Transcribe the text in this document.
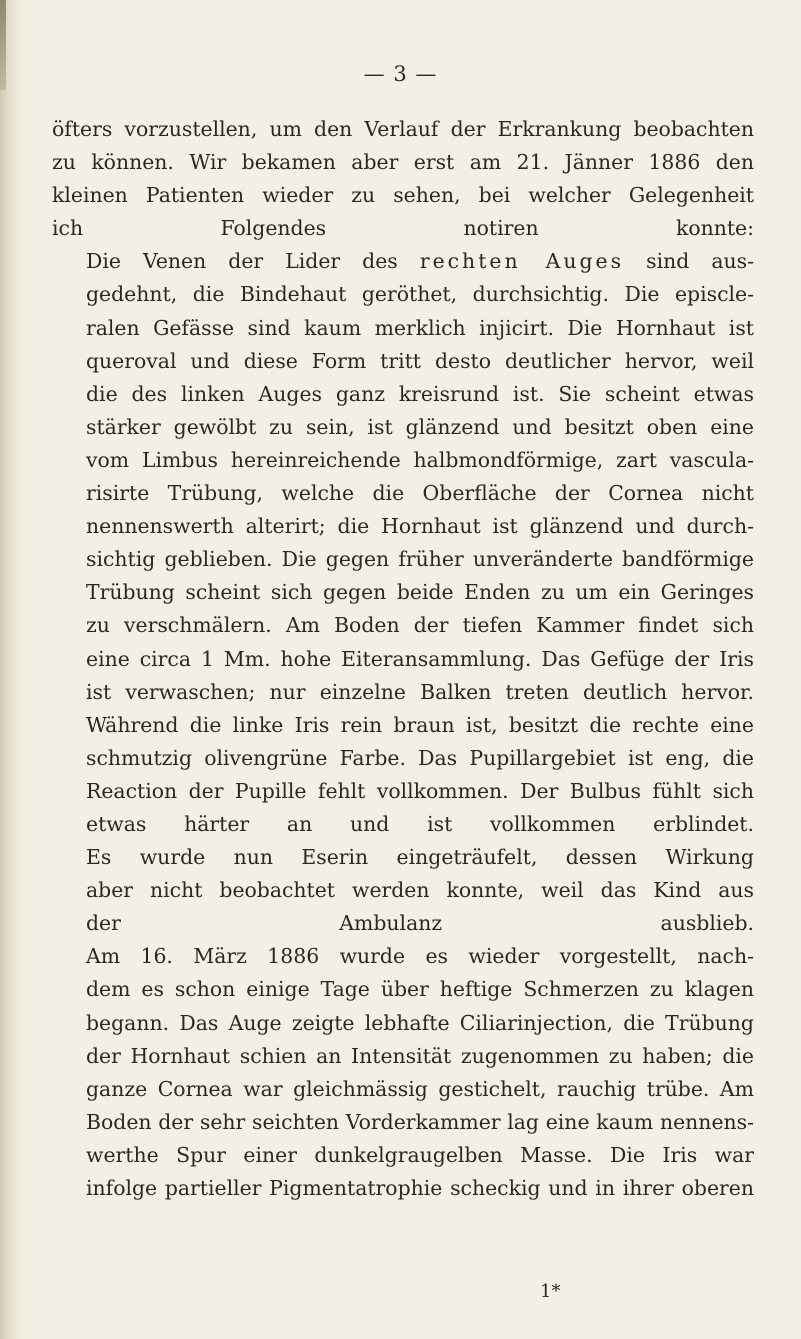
— 3 —

öfters vorzustellen, um den Verlauf der Erkrankung beobachten
zu können. Wir bekamen aber erst am 21. Jänner 1886 den
kleinen Patienten wieder zu sehen, bei welcher Gelegenheit
ich Folgendes notiren konnte:

Die Venen der Lider des rechten Auges sind aus-
gedehnt, die Bindehaut geröthet, durchsichtig. Die episcle-
ralen Gefässe sind kaum merklich injicirt. Die Hornhaut ist
queroval und diese Form tritt desto deutlicher hervor, weil
die des linken Auges ganz kreisrund ist. Sie scheint etwas
stärker gewölbt zu sein, ist glänzend und besitzt oben eine
vom Limbus hereinreichende halbmondförmige, zart vascula-
risirte Trübung, welche die Oberfläche der Cornea nicht
nennenswerth alterirt; die Hornhaut ist glänzend und durch-
sichtig geblieben. Die gegen früher unveränderte bandförmige
Trübung scheint sich gegen beide Enden zu um ein Geringes
zu verschmälern. Am Boden der tiefen Kammer findet sich
eine circa 1 Mm. hohe Eiteransammlung. Das Gefüge der Iris
ist verwaschen; nur einzelne Balken treten deutlich hervor.
Während die linke Iris rein braun ist, besitzt die rechte eine
schmutzig olivengrüne Farbe. Das Pupillargebiet ist eng, die
Reaction der Pupille fehlt vollkommen. Der Bulbus fühlt sich
etwas härter an und ist vollkommen erblindet.

Es wurde nun Eserin eingeträufelt, dessen Wirkung
aber nicht beobachtet werden konnte, weil das Kind aus
der Ambulanz ausblieb.

Am 16. März 1886 wurde es wieder vorgestellt, nach-
dem es schon einige Tage über heftige Schmerzen zu klagen
begann. Das Auge zeigte lebhafte Ciliarinjection, die Trübung
der Hornhaut schien an Intensität zugenommen zu haben; die
ganze Cornea war gleichmässig gestichelt, rauchig trübe. Am
Boden der sehr seichten Vorderkammer lag eine kaum nennens-
werthe Spur einer dunkelgraugelben Masse. Die Iris war
infolge partieller Pigmentatrophie scheckig und in ihrer oberen

1*
